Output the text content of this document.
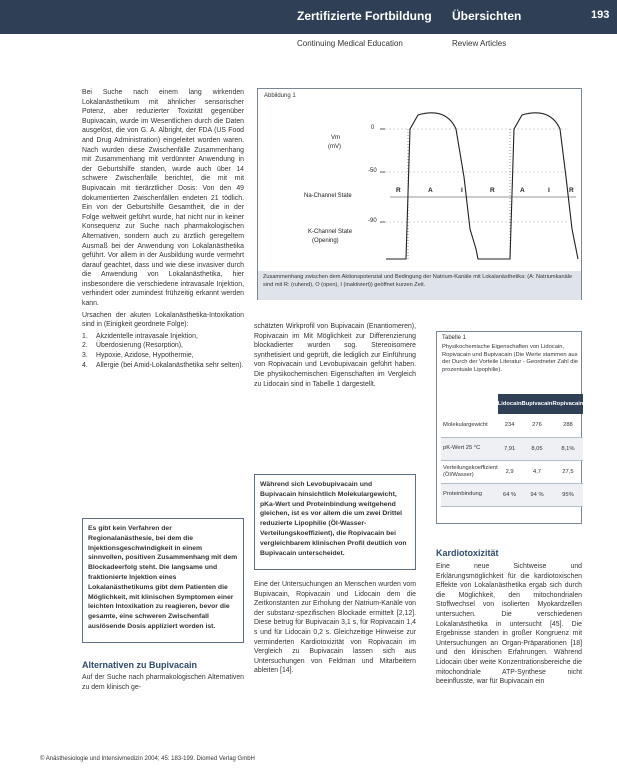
Zertifizierte Fortbildung Übersichten	193
Continuing Medical Education	Review Articles

Bei Suche nach einem lang wirkenden Lokalanästhetikum mit ähnlicher sensorischer Potenz, aber reduzierter Toxizität gegenüber Bupivacain, wurde im Wesentlichen durch die Daten ausgelöst, die von G. A. Albright, der FDA (US Food and Drug Administration) eingeleitet worden waren. Nach wurden diese Zwischenfälle Zusammenhang mit Zusammenhang mit verdünnter Anwendung in der Geburtshilfe standen, wurde auch über 14 schwere Zwischenfälle berichtet, die mit mit Bupivacain mit tierärztlicher Dosis: Von den 49 dokumentierten Zwischenfällen endeten 21 tödlich. Ein von der Geburtshilfe Gesamtheit, die in der Folge weltweit geführt wurde, hat nicht nur in keiner Konsequenz zur Suche nach pharmakologischen Alternativen, sondern auch zu ärztlich geregeltem Ausmaß bei der Anwendung von Lokalanästhetika geführt. Vor allem in der Ausbildung wurde vermehrt darauf geachtet, dass und wie diese invasiver durch die Anwendung von Lokalanästhetika, hier insbesondere die verschiedene intravasale Injektion, verhindert oder zumindest frühzeitig erkannt werden kann.

Ursachen der akuten Lokalanästhetika-Intoxikation sind in (Einigkeit geordnete Folge):

1. Akzidentelle intravasale Injektion,
2. Überdosierung (Resorption),
3. Hypoxie, Azidose, Hypothermie,
4. Allergie (bei Amid-Lokalanästhetika sehr selten).
Es gibt kein Verfahren der Regionalanästhesie, bei dem die Injektionsgeschwindigkeit in einem sinnvollen, positiven Zusammenhang mit dem Blockadeerfolg steht. Die langsame und fraktionierte Injektion eines Lokalanästhetikums gibt dem Patienten die Möglichkeit, mit klinischen Symptomen einer leichten Intoxikation zu reagieren, bevor die gesamte, eine schweren Zwischenfall auslösende Dosis appliziert worden ist.
Alternativen zu Bupivacain
Auf der Suche nach pharmakologischen Alternativen zu dem klinisch ge-
Abbildung 1
Vm
(mV)
0
-50
-90
Na-Channel State
K-Channel State
(Opening)
R	A	I	R	A	I	R
Zusammenhang zwischen dem Aktionspotenzial und Bedingung der Natrium-Kanäle mit Lokalanästhetika: (A: Natriumkanäle sind mit R: (ruhend), O (open), I (inaktiviert)) geöffnet kurzen Zeit.
schätzten Wirkprofil von Bupivacain (Enantiomeren), Ropivacain im Mit Möglichkeit zur Differenzierung blockadierter wurden sog. Stereoisomere synthetisiert und geprüft, die lediglich zur Einführung von Ropivacain und Levobupivacain geführt haben. Die physikochemischen Eigenschaften im Vergleich zu Lidocain sind in Tabelle 1 dargestellt.
Während sich Levobupivacain und Bupivacain hinsichtlich Molekulargewicht, pKa-Wert und Proteinbindung weitgehend gleichen, ist es vor allem die um zwei Drittel reduzierte Lipophilie (Öl-Wasser-Verteilungskoeffizient), die Ropivacain bei vergleichbarem klinischen Profil deutlich von Bupivacain unterscheidet.
Eine der Untersuchungen an Menschen wurden vom Bupivacain, Ropivacain und Lidocain dem die Zeitkonstanten zur Erholung der Natrium-Kanäle von der substanz-spezifischen Blockade ermittelt [2,12]. Diese betrug für Bupivacain 3,1 s, für Ropivacain 1,4 s und für Lidocain 0,2 s. Gleichzeitige Hinweise zur verminderten Kardiotoxizität von Ropivacain im Vergleich zu Bupivacain lassen sich aus Untersuchungen von Feldman und Mitarbeitern ableiten [14].
Tabelle 1
Physikochemische Eigenschaften von Lidocain, Ropivacain und Bupivacain (Die Werte stammen aus der Durch der Vorteile Literatur - Geordneter Zahl die prozentuale Lipophilie).
	Lidocain	Bupivacain	Ropivacain
Molekulargewicht	234	276	288
pK-Wert 25 °C	7,91	8,05	8,1%
Verteilungskoeffizient (Öl/Wasser)	2,9	4,7	27,5
Proteinbindung	64 %	94 %	95%
Kardiotoxizität
Eine neue Sichtweise und Erklärungsmöglichkeit für die kardiotoxischen Effekte von Lokalanästhetika ergab sich durch die Möglichkeit, den mitochondrialen Stoffwechsel von isolierten Myokardzellen untersuchen. Die verschiedenen Lokalanästhetika in untersucht [45]. Die Ergebnisse standen in großer Kongruenz mit Untersuchungen an Organ-Präparationen [18] und den klinischen Erfahrungen. Während Lidocain über weite Konzentrationsbereiche die mitochondriale ATP-Synthese nicht beeinflusste, war für Bupivacain ein
© Anästhesiologie und Intensivmedizin 2004; 45: 183-199. Diomed Verlag GmbH
